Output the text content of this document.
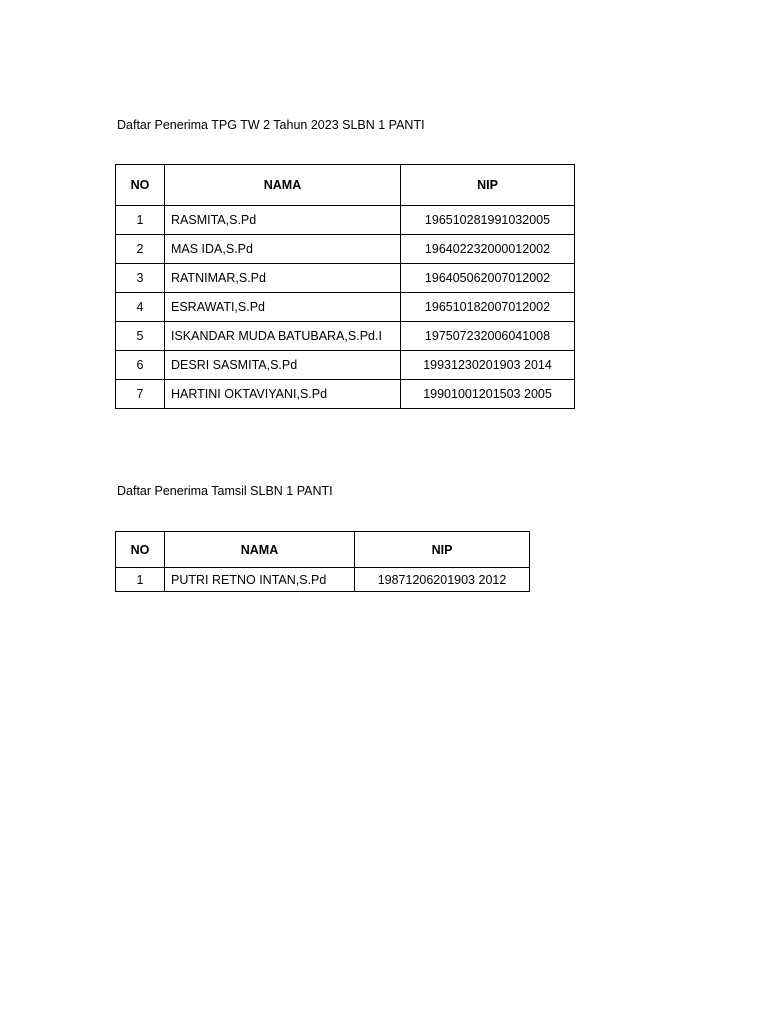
Daftar Penerima TPG TW 2 Tahun 2023 SLBN 1 PANTI
NO	NAMA	NIP
1	RASMITA,S.Pd	196510281991032005
2	MAS IDA,S.Pd	196402232000012002
3	RATNIMAR,S.Pd	196405062007012002
4	ESRAWATI,S.Pd	196510182007012002
5	ISKANDAR MUDA BATUBARA,S.Pd.I	197507232006041008
6	DESRI SASMITA,S.Pd	19931230201903 2014
7	HARTINI OKTAVIYANI,S.Pd	19901001201503 2005
Daftar Penerima Tamsil SLBN 1 PANTI
NO	NAMA	NIP
1	PUTRI RETNO INTAN,S.Pd	19871206201903 2012
